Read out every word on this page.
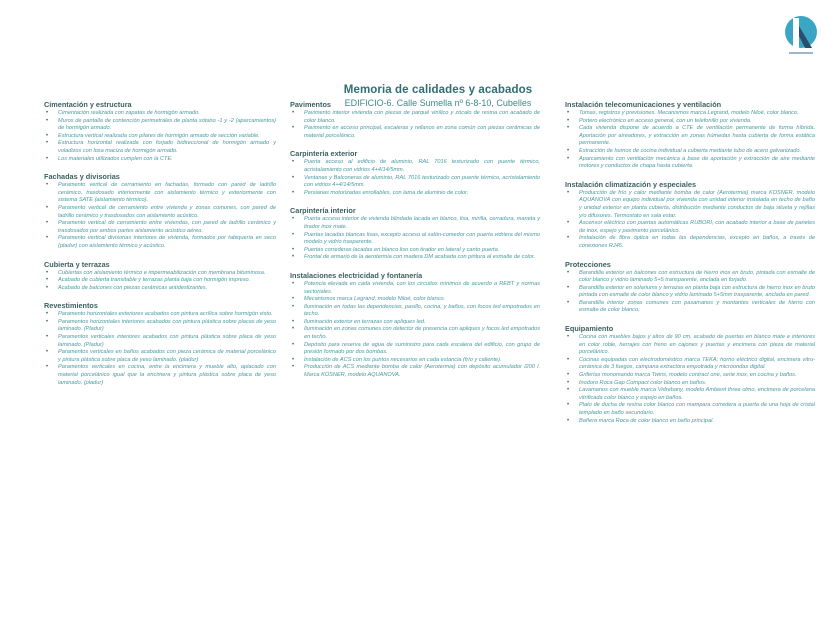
Memoria de calidades y acabados
EDIFICIO-6. Calle Sumella nº 6-8-10, Cubelles
Cimentación y estructura
• Cimentación realizada con zapatas de hormigón armado.
• Muros de pantalla de contención perimetrales de planta sótano -1 y -2 (aparcamientos) de hormigón armado.
• Estructura vertical realizada con pilares de hormigón armado de sección variable.
• Estructura horizontal realizada con forjado bidireccional de hormigón armado y voladizos con losa maciza de hormigón armado.
• Los materiales utilizados cumplen con la CTE.
Fachadas y divisorias
• Paramento vertical de cerramiento en fachadas, formado con pared de ladrillo cerámico, trasdosado interiormente con aislamiento térmico y exteriormente con sistema SATE (aislamiento térmico).
• Paramento vertical de cerramiento entre vivienda y zonas comunes, con pared de ladrillo cerámico y trasdosados con aislamiento acústico.
• Paramento vertical de cerramiento entre viviendas, con pared de ladrillo cerámico y trasdosados por ambos partes aislamiento acústico aéreo.
• Paramento vertical divisorias interiores de vivienda, formados por tabiquería en seco (pladur) con aislamiento térmico y acústico.
Cubierta y terrazas
• Cubiertas con aislamiento térmico e impermeabilización con membrana bituminosa.
• Acabado de cubierta transitable y terrazas planta baja con hormigón impreso.
• Acabado de balcones con piezas cerámicas antideslizantes.
Revestimientos
• Paramento horizontales exteriores acabados con pintura acrílica sobre hormigón visto.
• Paramentos horizontales interiores acabados con pintura plástica sobre placas de yeso laminado. (Pladur)
• Paramentos verticales interiores acabados con pintura plástica sobre placa de yeso laminado. (Pladur)
• Paramentos verticales en baños acabados con pieza cerámica de material porcelánico y pintura plástica sobre placa de yeso laminado. (pladur)
• Paramentos verticales en cocina, entre la encimera y mueble alto, aplacado con material porcelánico igual que la encimera y pintura plástica sobre placa de yeso laminado. (pladur)
Pavimentos
• Pavimento interior vivienda con piezas de parqué vinílico y zócalo de resina con acabado de color blanco.
• Pavimento en acceso principal, escaleras y rellanos en zona común con piezas cerámicas de material porcelánico.
Carpintería exterior
• Puerta acceso al edificio de aluminio, RAL 7016 texturizado con puente térmico, acristalamiento con vidrios 4+4/14/5mm.
• Ventanas y Balconeras de aluminio, RAL 7016 texturizado con puente térmico, acristalamiento con vidrios 4+4/14/5mm.
• Persianas motorizadas enrollables, con lama de aluminio de color.
Carpintería interior
• Puerta acceso interior de vivienda blindada lacada en blanco, lisa, mirilla, cerradura, maneta y tirador inox mate.
• Puertas lacadas blancas lisas, excepto acceso al salón-comedor con puerta vidriera del mismo modelo y vidrio trasparente.
• Puertas correderas lacadas en blanco liso con tirador en lateral y canto puerta.
• Frontal de armario de la aerotermia con madera DM acabada con pintura al esmalte de color.
Instalaciones electricidad y fontanería
• Potencia elevada en cada vivienda, con los circuitos mínimos de acuerdo a REBT y normas sectoriales.
• Mecanismos marca Legrand, modelo Niloé, color blanco.
• Iluminación en todas las dependencias, pasillo, cocina, y baños, con focos led empotrados en techo.
• Iluminación exterior en terrazas con apliques led.
• Iluminación en zonas comunes con detector de presencia con apliques y focos led empotrados en techo.
• Depósito para reserva de agua de suministro para cada escalera del edificio, con grupo de presión formado por dos bombas.
• Instalación de ACS con los puntos necesarios en cada estancia (frío y caliente).
• Producción de ACS mediante bomba de calor (Aerotermia) con depósito acumulador l200 l. Marca KOSNER, modelo AQUANOVA.
Instalación telecomunicaciones y ventilación
• Tomas, registros y previsiones. Mecanismos marca Legrand, modelo Niloé, color blanco.
• Portero electrónico en acceso general, con un telefonillo por vivienda.
• Cada vivienda dispone de acuerdo a CTE de ventilación permanente de forma híbrida. Aportación por aireadores, y extracción en zonas húmedas hasta cubierta de forma estática permanente.
• Extracción de humos de cocina individual a cubierta mediante tubo de acero galvanizado.
• Aparcamiento con ventilación mecánica a base de aportación y extracción de aire mediante motores y conductos de chapa hasta cubierta.
Instalación climatización y especiales
• Producción de frío y calor mediante bomba de calor (Aerotermia) marca KOSNER, modelo AQUANOVA con equipo individual por vivienda con unidad interior instalada en techo de baño y unidad exterior en planta cubierta, distribución mediante conductos de baja silueta y rejillas y/o difusores. Termostato en sala estar.
• Ascensor eléctrico con puertas automáticas RUBORI, con acabado interior a base de paneles de inox, espejo y pavimento porcelánico.
• Instalación de fibra óptica en todas las dependencias, excepto en baños, a través de conexiones RJ45.
Protecciones
• Barandilla exterior en balcones con estructura de hierro inox en bruto, pintada con esmalte de color blanco y vidrio laminado 5+5 transparente, anclada en forjado.
• Barandilla exterior en solariums y terrazas en planta baja con estructura de hierro inox en bruto pintada con esmalte de color blanco y vidrio laminado 5+5mm trasparente, anclada en pared.
• Barandilla interior zonas comunes con pasamanos y montantes verticales de hierro con esmalte de color blanco.
Equipamiento
• Cocina con muebles bajos y altos de 90 cm, acabado de puertas en blanco mate e interiores en color roble, herrajes con freno en cajones y puertas y encimera con pieza de material porcelánico.
• Cocinas equipadas con electrodoméstico marca TEKA; horno eléctrico digital, encimera vitro-cerámica de 3 fuegos, campana extractora empotrada y microondas digital.
• Griferías monomando marca Twins, modelo contract one, serie inox, en cocina y baños.
• Inodoro Roca Gap Compact color blanco en baños.
• Lavamanos con mueble marca Vidrebany, modelo Ambient three olmo, encimera de porcelana vitrificada color blanco y espejo en baños.
• Plato de ducha de resina color blanco con mampara corredera a puerta de una hoja de cristal templado en baño secundario.
• Bañera marca Roca de color blanco en baño principal.
